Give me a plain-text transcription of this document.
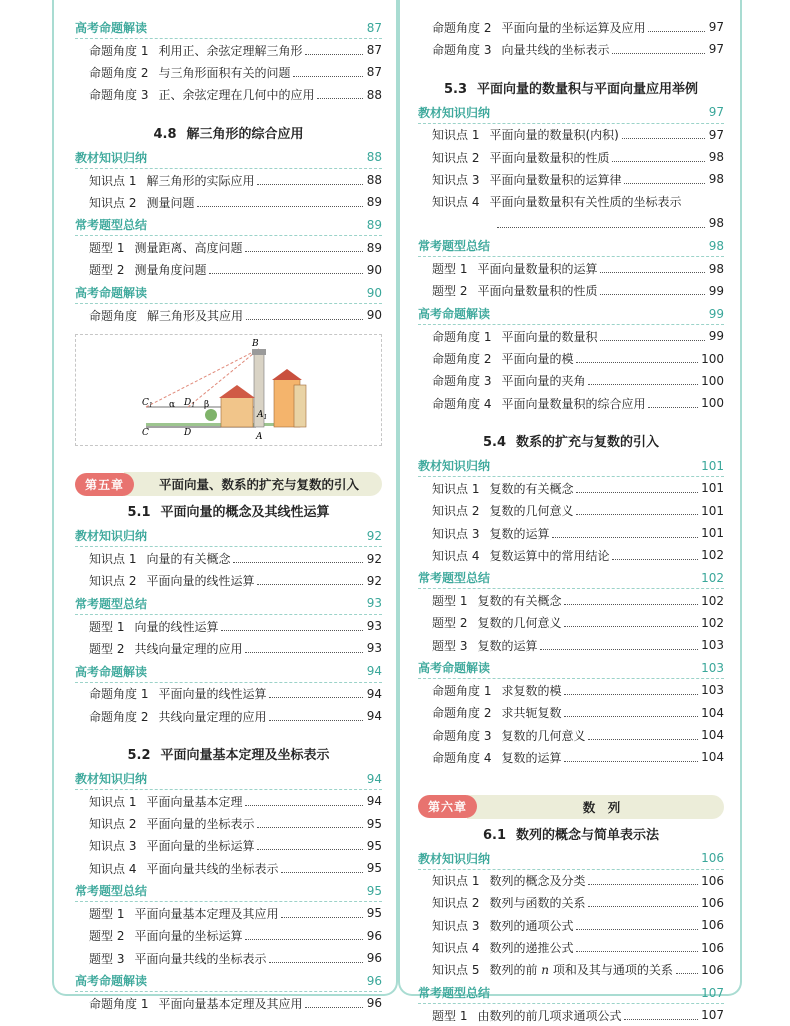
高考命题解读	87
命题角度 1 利用正、余弦定理解三角形	87
命题角度 2 与三角形面积有关的问题	87
命题角度 3 正、余弦定理在几何中的应用	88
4.8 解三角形的综合应用
教材知识归纳	88
知识点 1 解三角形的实际应用	88
知识点 2 测量问题	89
常考题型总结	89
题型 1 测量距离、高度问题	89
题型 2 测量角度问题	90
高考命题解读	90
命题角度 解三角形及其应用	90
B
$C_1$	$D_1$
$A_1$
C	D	A
α	β
第五章	平面向量、数系的扩充与复数的引入
5.1 平面向量的概念及其线性运算
教材知识归纳	92
知识点 1 向量的有关概念	92
知识点 2 平面向量的线性运算	92
常考题型总结	93
题型 1 向量的线性运算	93
题型 2 共线向量定理的应用	93
高考命题解读	94
命题角度 1 平面向量的线性运算	94
命题角度 2 共线向量定理的应用	94
5.2 平面向量基本定理及坐标表示
教材知识归纳	94
知识点 1 平面向量基本定理	94
知识点 2 平面向量的坐标表示	95
知识点 3 平面向量的坐标运算	95
知识点 4 平面向量共线的坐标表示	95
常考题型总结	95
题型 1 平面向量基本定理及其应用	95
题型 2 平面向量的坐标运算	96
题型 3 平面向量共线的坐标表示	96
高考命题解读	96
命题角度 1 平面向量基本定理及其应用	96
命题角度 2 平面向量的坐标运算及应用	97
命题角度 3 向量共线的坐标表示	97
5.3 平面向量的数量积与平面向量应用举例
教材知识归纳	97
知识点 1 平面向量的数量积(内积)	97
知识点 2 平面向量数量积的性质	98
知识点 3 平面向量数量积的运算律	98
知识点 4 平面向量数量积有关性质的坐标表示
98
常考题型总结	98
题型 1 平面向量数量积的运算	98
题型 2 平面向量数量积的性质	99
高考命题解读	99
命题角度 1 平面向量的数量积	99
命题角度 2 平面向量的模	100
命题角度 3 平面向量的夹角	100
命题角度 4 平面向量数量积的综合应用	100
5.4 数系的扩充与复数的引入
教材知识归纳	101
知识点 1 复数的有关概念	101
知识点 2 复数的几何意义	101
知识点 3 复数的运算	101
知识点 4 复数运算中的常用结论	102
常考题型总结	102
题型 1 复数的有关概念	102
题型 2 复数的几何意义	102
题型 3 复数的运算	103
高考命题解读	103
命题角度 1 求复数的模	103
命题角度 2 求共轭复数	104
命题角度 3 复数的几何意义	104
命题角度 4 复数的运算	104
第六章	数　列
6.1 数列的概念与简单表示法
教材知识归纳	106
知识点 1 数列的概念及分类	106
知识点 2 数列与函数的关系	106
知识点 3 数列的通项公式	106
知识点 4 数列的递推公式	106
知识点 5 数列的前 n 项和及其与通项的关系 106
常考题型总结	107
题型 1 由数列的前几项求通项公式	107
